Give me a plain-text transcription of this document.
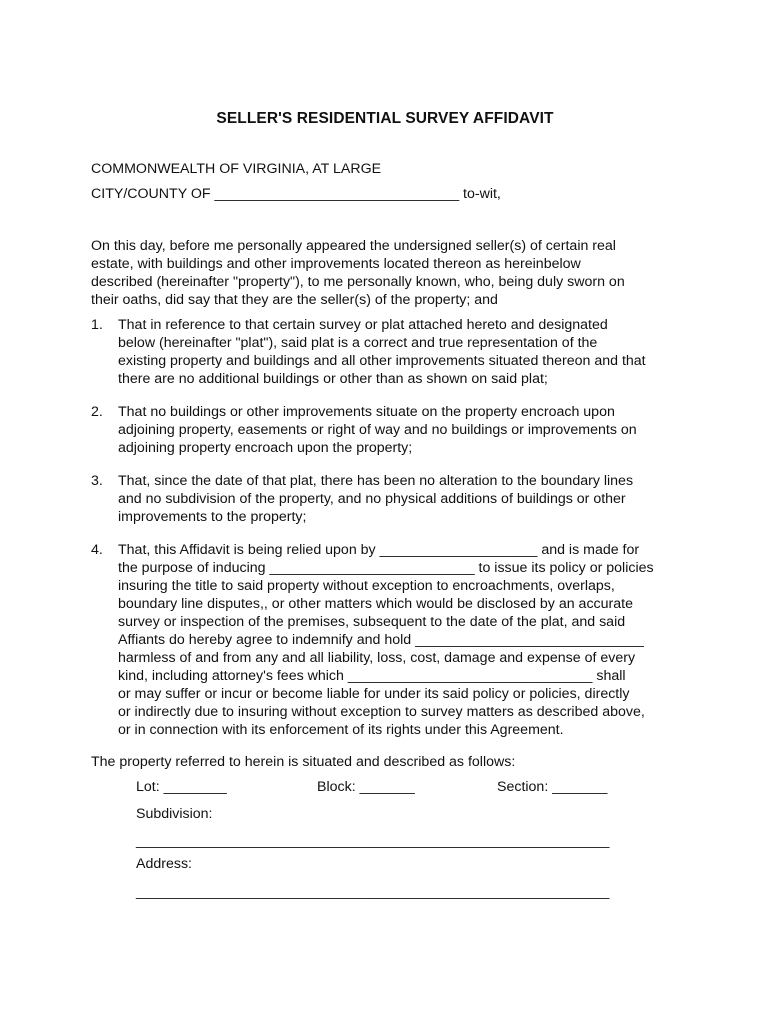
SELLER'S RESIDENTIAL SURVEY AFFIDAVIT
COMMONWEALTH OF VIRGINIA, AT LARGE
CITY/COUNTY OF _______________________________ to-wit,
On this day, before me personally appeared the undersigned seller(s) of certain real
estate, with buildings and other improvements located thereon as hereinbelow
described (hereinafter "property"), to me personally known, who, being duly sworn on
their oaths, did say that they are the seller(s) of the property; and
1. That in reference to that certain survey or plat attached hereto and designated
below (hereinafter "plat"), said plat is a correct and true representation of the
existing property and buildings and all other improvements situated thereon and that
there are no additional buildings or other than as shown on said plat;
2. That no buildings or other improvements situate on the property encroach upon
adjoining property, easements or right of way and no buildings or improvements on
adjoining property encroach upon the property;
3. That, since the date of that plat, there has been no alteration to the boundary lines
and no subdivision of the property, and no physical additions of buildings or other
improvements to the property;
4. That, this Affidavit is being relied upon by ____________________ and is made for
the purpose of inducing __________________________ to issue its policy or policies
insuring the title to said property without exception to encroachments, overlaps,
boundary line disputes,, or other matters which would be disclosed by an accurate
survey or inspection of the premises, subsequent to the date of the plat, and said
Affiants do hereby agree to indemnify and hold _____________________________
harmless of and from any and all liability, loss, cost, damage and expense of every
kind, including attorney's fees which _______________________________ shall
or may suffer or incur or become liable for under its said policy or policies, directly
or indirectly due to insuring without exception to survey matters as described above,
or in connection with its enforcement of its rights under this Agreement.
The property referred to herein is situated and described as follows:
Lot: ________	Block: _______	Section: _______
Subdivision:
____________________________________________________________
Address:
____________________________________________________________
